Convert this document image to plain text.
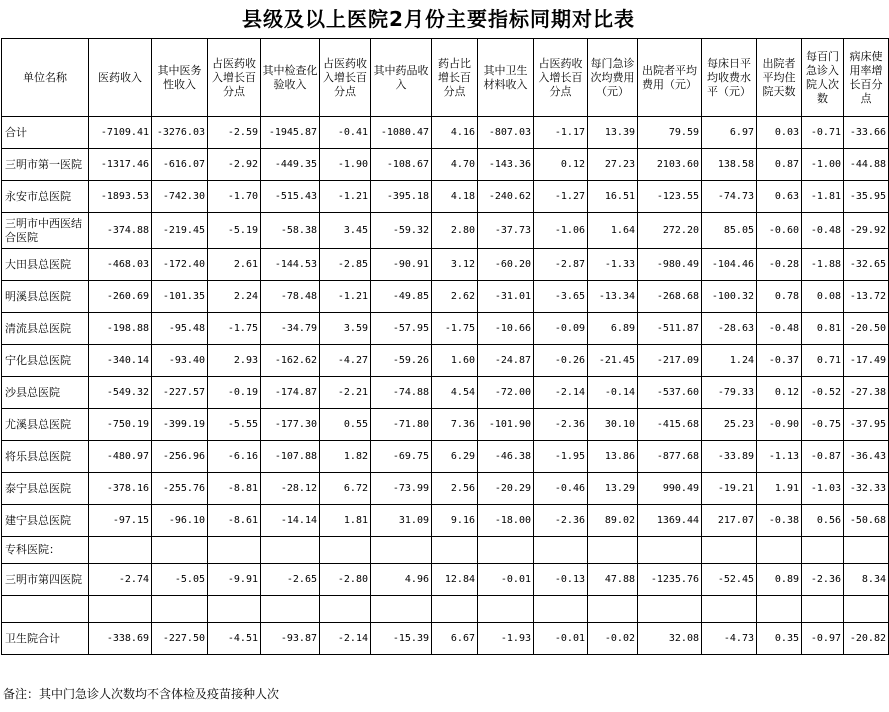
县级及以上医院2月份主要指标同期对比表
单位名称	医药收入	其中医务性收入	占医药收入增长百分点	其中检查化验收入	占医药收入增长百分点	其中药品收入	药占比增长百分点	其中卫生材料收入	占医药收入增长百分点	每门急诊次均费用（元）	出院者平均费用（元）	每床日平均收费水平（元）	出院者平均住院天数	每百门急诊入院人次数	病床使用率增长百分点
合计	-7109.41	-3276.03	-2.59	-1945.87	-0.41	-1080.47	4.16	-807.03	-1.17	13.39	79.59	6.97	0.03	-0.71	-33.66
三明市第一医院	-1317.46	-616.07	-2.92	-449.35	-1.90	-108.67	4.70	-143.36	0.12	27.23	2103.60	138.58	0.87	-1.00	-44.88
永安市总医院	-1893.53	-742.30	-1.70	-515.43	-1.21	-395.18	4.18	-240.62	-1.27	16.51	-123.55	-74.73	0.63	-1.81	-35.95
三明市中西医结合医院	-374.88	-219.45	-5.19	-58.38	3.45	-59.32	2.80	-37.73	-1.06	1.64	272.20	85.05	-0.60	-0.48	-29.92
大田县总医院	-468.03	-172.40	2.61	-144.53	-2.85	-90.91	3.12	-60.20	-2.87	-1.33	-980.49	-104.46	-0.28	-1.88	-32.65
明溪县总医院	-260.69	-101.35	2.24	-78.48	-1.21	-49.85	2.62	-31.01	-3.65	-13.34	-268.68	-100.32	0.78	0.08	-13.72
清流县总医院	-198.88	-95.48	-1.75	-34.79	3.59	-57.95	-1.75	-10.66	-0.09	6.89	-511.87	-28.63	-0.48	0.81	-20.50
宁化县总医院	-340.14	-93.40	2.93	-162.62	-4.27	-59.26	1.60	-24.87	-0.26	-21.45	-217.09	1.24	-0.37	0.71	-17.49
沙县总医院	-549.32	-227.57	-0.19	-174.87	-2.21	-74.88	4.54	-72.00	-2.14	-0.14	-537.60	-79.33	0.12	-0.52	-27.38
尤溪县总医院	-750.19	-399.19	-5.55	-177.30	0.55	-71.80	7.36	-101.90	-2.36	30.10	-415.68	25.23	-0.90	-0.75	-37.95
将乐县总医院	-480.97	-256.96	-6.16	-107.88	1.82	-69.75	6.29	-46.38	-1.95	13.86	-877.68	-33.89	-1.13	-0.87	-36.43
泰宁县总医院	-378.16	-255.76	-8.81	-28.12	6.72	-73.99	2.56	-20.29	-0.46	13.29	990.49	-19.21	1.91	-1.03	-32.33
建宁县总医院	-97.15	-96.10	-8.61	-14.14	1.81	31.09	9.16	-18.00	-2.36	89.02	1369.44	217.07	-0.38	0.56	-50.68
专科医院：															
三明市第四医院	-2.74	-5.05	-9.91	-2.65	-2.80	4.96	12.84	-0.01	-0.13	47.88	-1235.76	-52.45	0.89	-2.36	8.34

卫生院合计	-338.69	-227.50	-4.51	-93.87	-2.14	-15.39	6.67	-1.93	-0.01	-0.02	32.08	-4.73	0.35	-0.97	-20.82
备注：其中门急诊人次数均不含体检及疫苗接种人次
